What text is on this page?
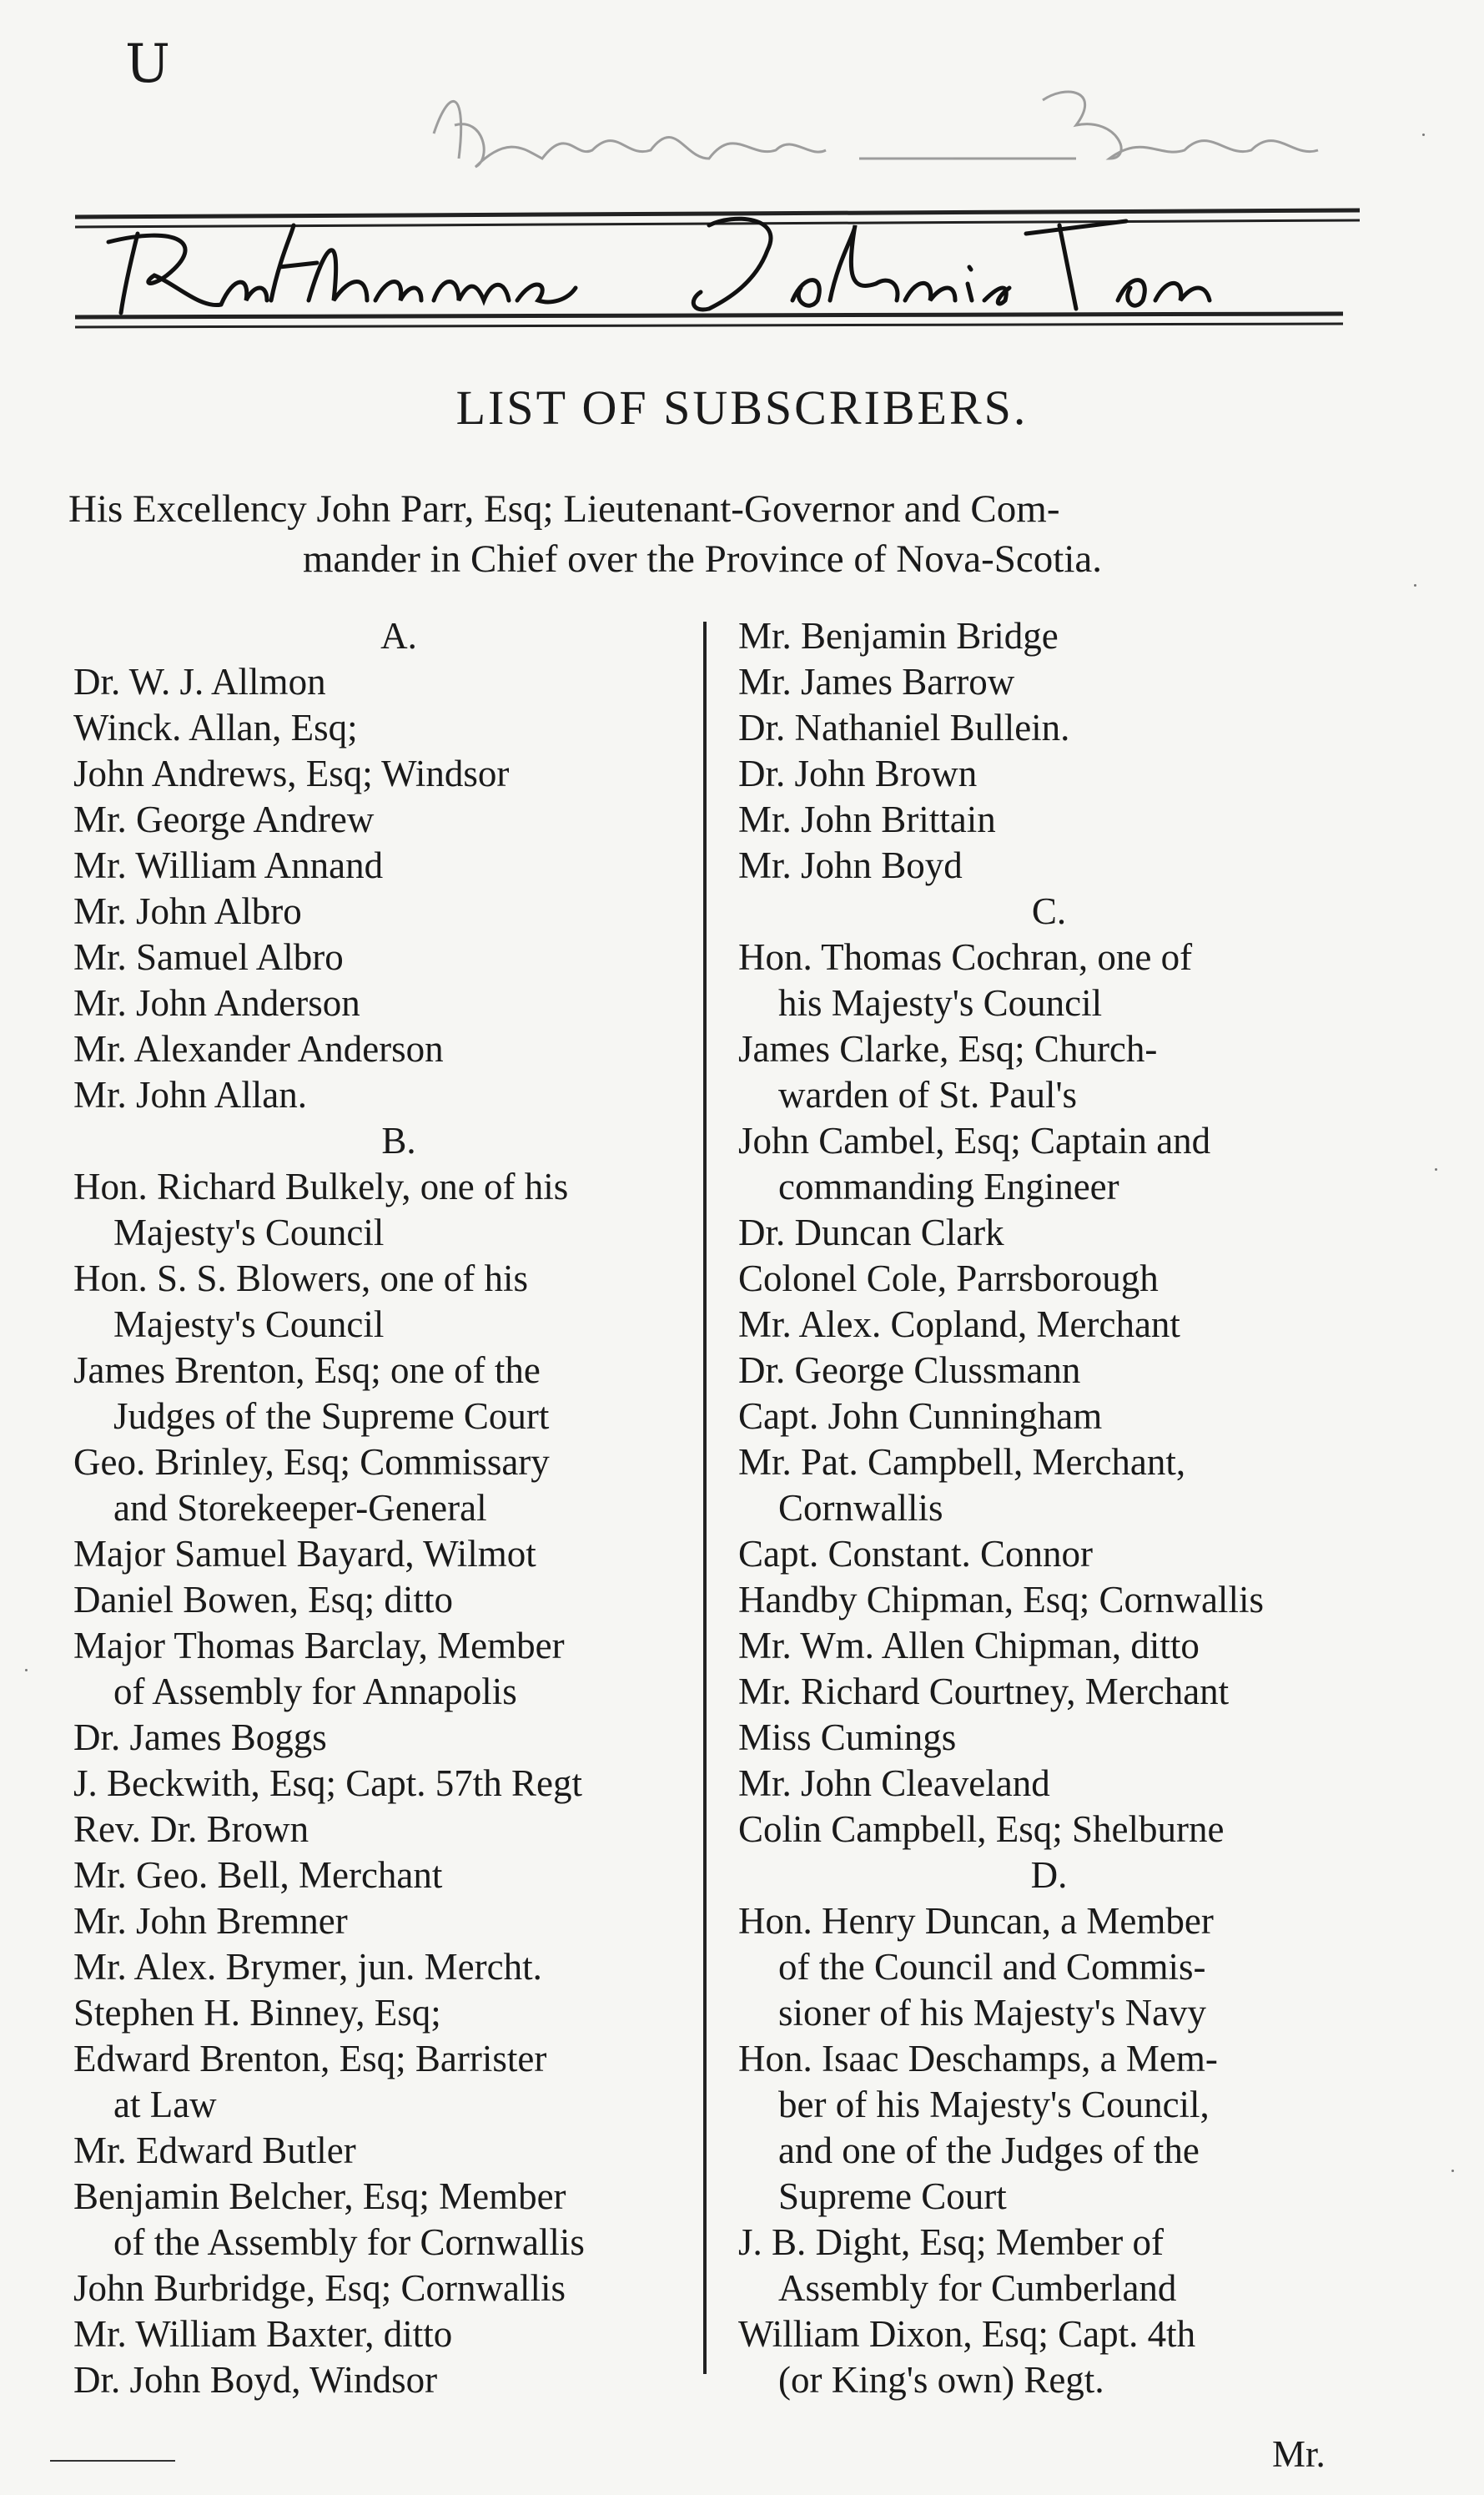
U
LIST OF SUBSCRIBERS.
His Excellency John Parr, Esq; Lieutenant-Governor and Com-

mander in Chief over the Province of Nova-Scotia.
A.
Dr. W. J. Allmon
Winck. Allan, Esq;
John Andrews, Esq; Windsor
Mr. George Andrew
Mr. William Annand
Mr. John Albro
Mr. Samuel Albro
Mr. John Anderson
Mr. Alexander Anderson
Mr. John Allan.
B.
Hon. Richard Bulkely, one of his
Majesty's Council
Hon. S. S. Blowers, one of his
Majesty's Council
James Brenton, Esq; one of the
Judges of the Supreme Court
Geo. Brinley, Esq; Commissary
and Storekeeper-General
Major Samuel Bayard, Wilmot
Daniel Bowen, Esq; ditto
Major Thomas Barclay, Member
of Assembly for Annapolis
Dr. James Boggs
J. Beckwith, Esq; Capt. 57th Regt
Rev. Dr. Brown
Mr. Geo. Bell, Merchant
Mr. John Bremner
Mr. Alex. Brymer, jun. Mercht.
Stephen H. Binney, Esq;
Edward Brenton, Esq; Barrister
at Law
Mr. Edward Butler
Benjamin Belcher, Esq; Member
of the Assembly for Cornwallis
John Burbridge, Esq; Cornwallis
Mr. William Baxter, ditto
Dr. John Boyd, Windsor
Mr. Benjamin Bridge
Mr. James Barrow
Dr. Nathaniel Bullein.
Dr. John Brown
Mr. John Brittain
Mr. John Boyd
C.
Hon. Thomas Cochran, one of
his Majesty's Council
James Clarke, Esq; Church-
warden of St. Paul's
John Cambel, Esq; Captain and
commanding Engineer
Dr. Duncan Clark
Colonel Cole, Parrsborough
Mr. Alex. Copland, Merchant
Dr. George Clussmann
Capt. John Cunningham
Mr. Pat. Campbell, Merchant,
Cornwallis
Capt. Constant. Connor
Handby Chipman, Esq; Cornwallis
Mr. Wm. Allen Chipman, ditto
Mr. Richard Courtney, Merchant
Miss Cumings
Mr. John Cleaveland
Colin Campbell, Esq; Shelburne
D.
Hon. Henry Duncan, a Member
of the Council and Commis-
sioner of his Majesty's Navy
Hon. Isaac Deschamps, a Mem-
ber of his Majesty's Council,
and one of the Judges of the
Supreme Court
J. B. Dight, Esq; Member of
Assembly for Cumberland
William Dixon, Esq; Capt. 4th
(or King's own) Regt.
Mr.
